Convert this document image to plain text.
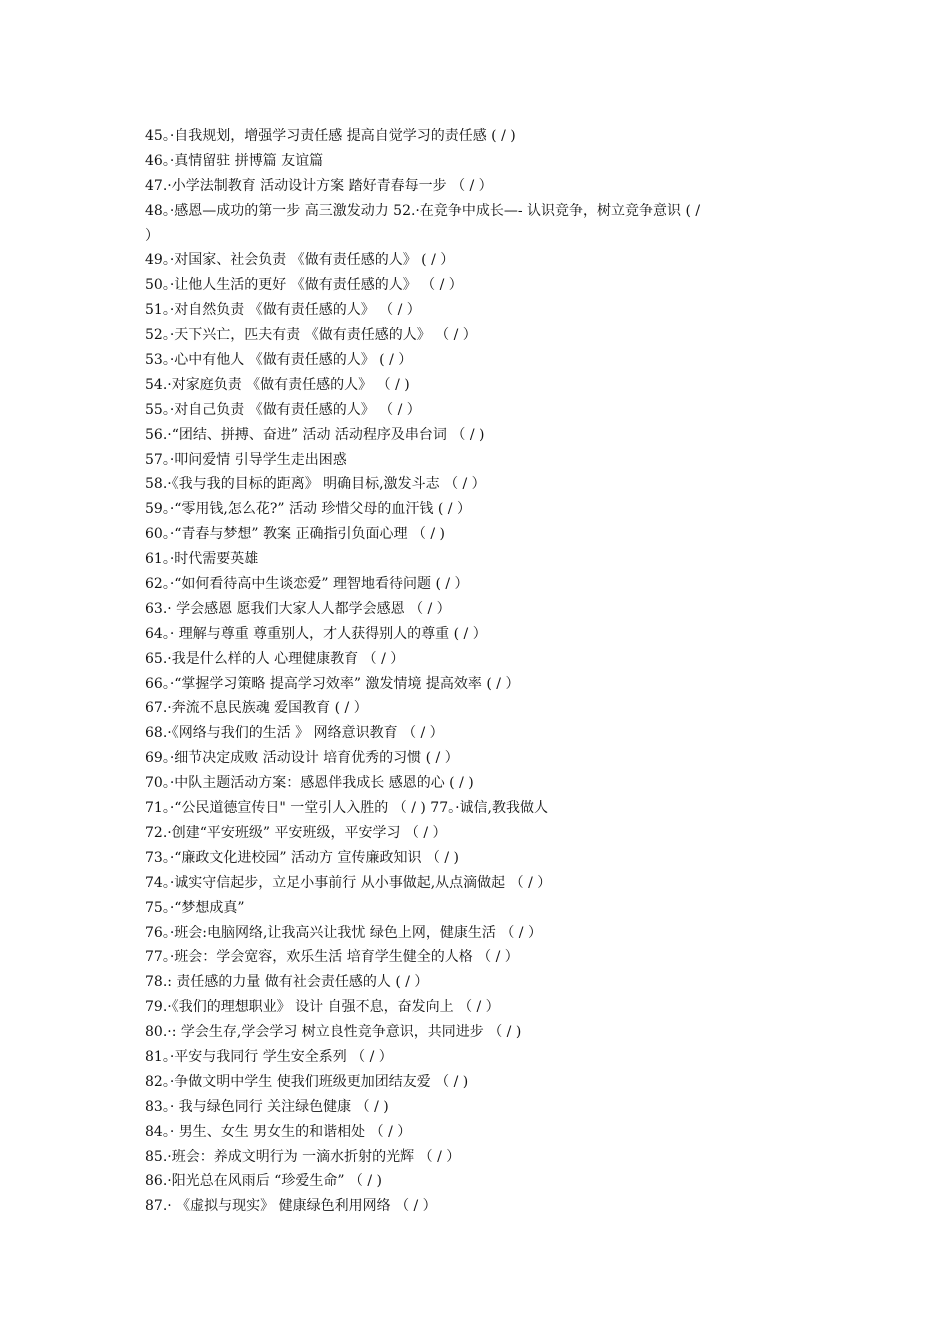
45。·自我规划，增强学习责任感 提高自觉学习的责任感 ( / )
46。·真情留驻 拼博篇 友谊篇
47.·小学法制教育 活动设计方案 踏好青春每一步 （ / ）
48。·感恩—成功的第一步 高三激发动力 52.·在竞争中成长—- 认识竞争，树立竞争意识 ( /
）
49。·对国家、社会负责 《做有责任感的人》 ( / ）
50。·让他人生活的更好 《做有责任感的人》 （ / ）
51。·对自然负责 《做有责任感的人》 （ / ）
52。·天下兴亡，匹夫有责 《做有责任感的人》 （ / ）
53。·心中有他人 《做有责任感的人》 ( / ）
54.·对家庭负责 《做有责任感的人》 （ / )
55。·对自己负责 《做有责任感的人》 （ / ）
56.·“团结、拼搏、奋进” 活动 活动程序及串台词 （ / )
57。·叩问爱情 引导学生走出困惑
58.·《我与我的目标的距离》 明确目标,激发斗志 （ / ）
59。·“零用钱,怎么花?” 活动 珍惜父母的血汗钱 ( / ）
60。·“青春与梦想” 教案 正确指引负面心理 （ / )
61。·时代需要英雄
62。·“如何看待高中生谈恋爱” 理智地看待问题 ( / ）
63.· 学会感恩 愿我们大家人人都学会感恩 （ / ）
64。· 理解与尊重 尊重别人，才人获得别人的尊重 ( / ）
65.·我是什么样的人 心理健康教育 （ / ）
66。·“掌握学习策略 提高学习效率” 激发情境 提高效率 ( / ）
67.·奔流不息民族魂 爱国教育 ( / ）
68.·《网络与我们的生活 》 网络意识教育 （ / ）
69。·细节决定成败 活动设计 培育优秀的习惯 ( / ）
70。·中队主题活动方案：感恩伴我成长 感恩的心 ( / )
71。·“公民道德宣传日" 一堂引人入胜的 （ / ) 77。·诚信,教我做人
72.·创建“平安班级” 平安班级，平安学习 （ / ）
73。·“廉政文化进校园” 活动方 宣传廉政知识 （ / )
74。·诚实守信起步，立足小事前行 从小事做起,从点滴做起 （ / ）
75。·“梦想成真”
76。·班会:电脑网络,让我高兴让我忧 绿色上网，健康生活 （ / ）
77。·班会：学会宽容，欢乐生活 培育学生健全的人格 （ / ）
78.: 责任感的力量 做有社会责任感的人 ( / ）
79.·《我们的理想职业》 设计 自强不息，奋发向上 （ / ）
80.·: 学会生存,学会学习 树立良性竞争意识，共同进步 （ / )
81。·平安与我同行 学生安全系列 （ / ）
82。·争做文明中学生 使我们班级更加团结友爱 （ / )
83。· 我与绿色同行 关注绿色健康 （ / )
84。· 男生、女生 男女生的和谐相处 （ / ）
85.·班会：养成文明行为 一滴水折射的光辉 （ / ）
86.·阳光总在风雨后 “珍爱生命” （ / )
87.· 《虚拟与现实》 健康绿色利用网络 （ / ）
